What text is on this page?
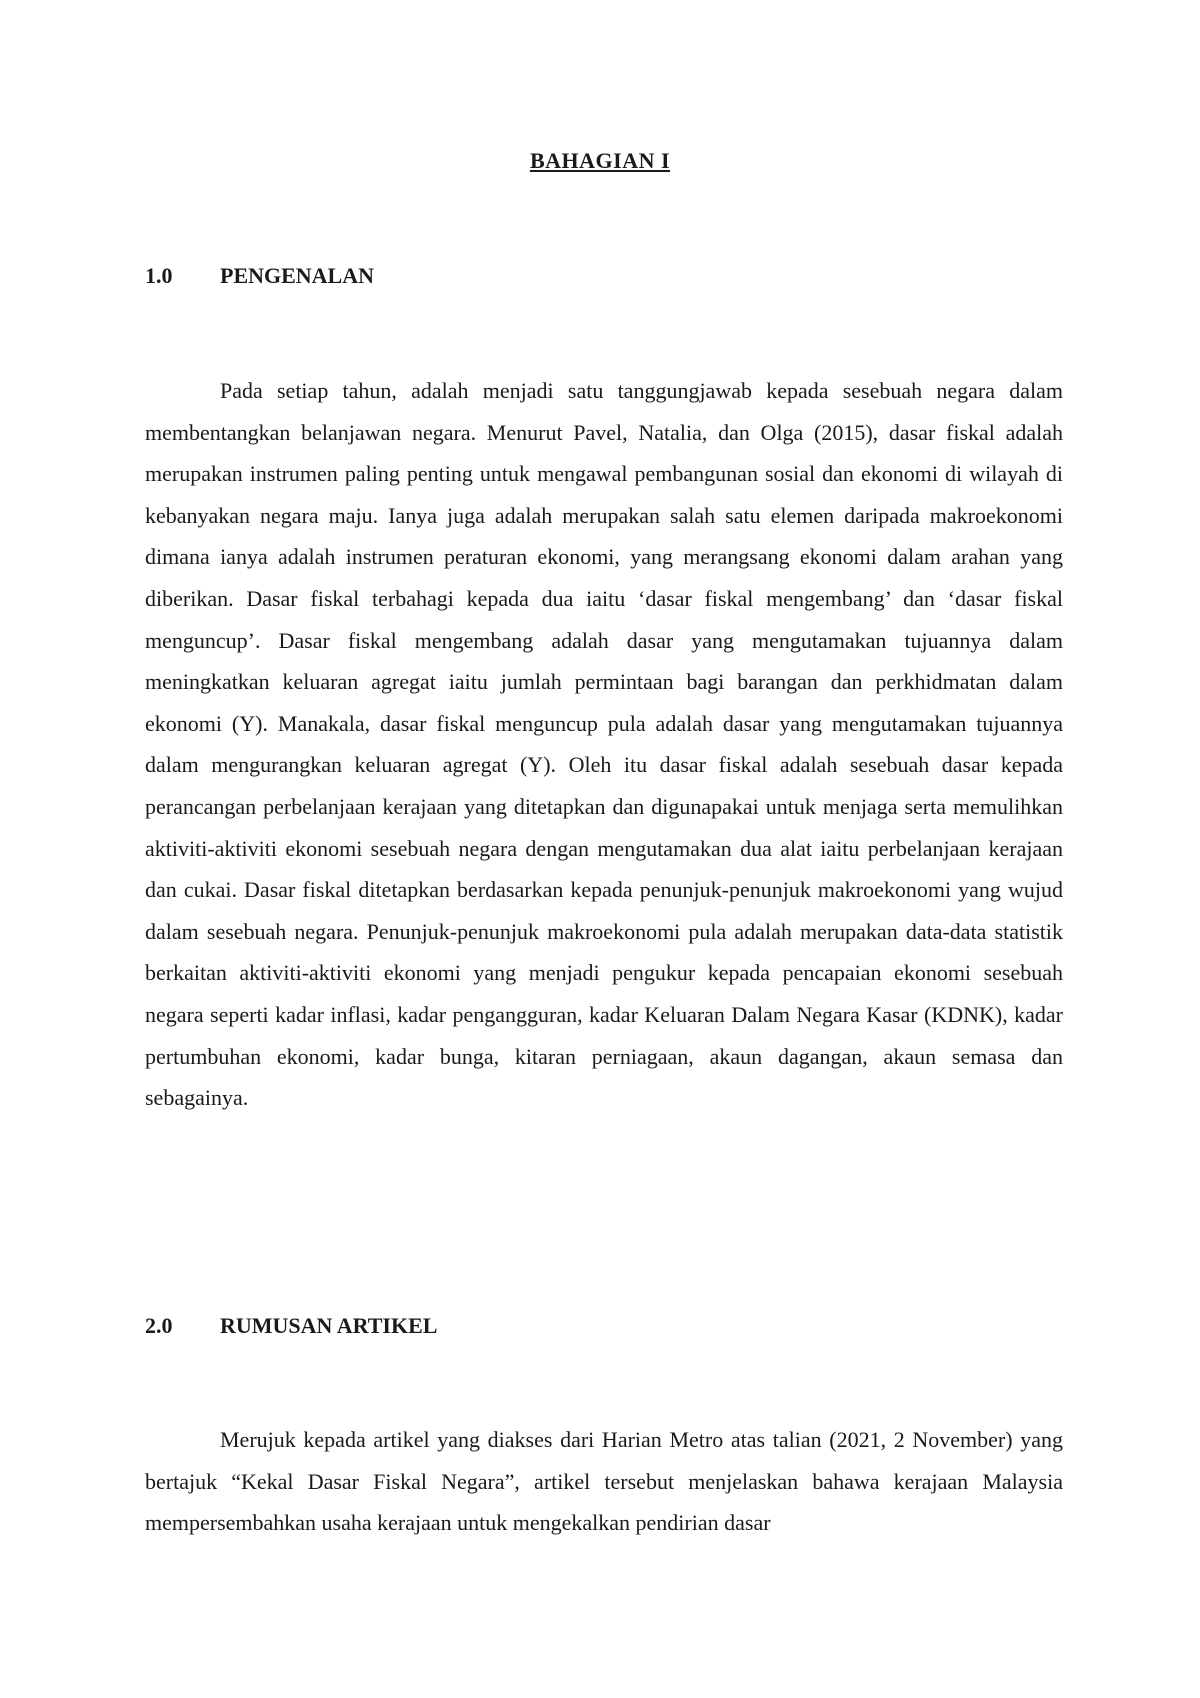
BAHAGIAN I
1.0	PENGENALAN

Pada setiap tahun, adalah menjadi satu tanggungjawab kepada sesebuah negara dalam membentangkan belanjawan negara. Menurut Pavel, Natalia, dan Olga (2015), dasar fiskal adalah merupakan instrumen paling penting untuk mengawal pembangunan sosial dan ekonomi di wilayah di kebanyakan negara maju. Ianya juga adalah merupakan salah satu elemen daripada makroekonomi dimana ianya adalah instrumen peraturan ekonomi, yang merangsang ekonomi dalam arahan yang diberikan. Dasar fiskal terbahagi kepada dua iaitu ‘dasar fiskal mengembang’ dan ‘dasar fiskal menguncup’. Dasar fiskal mengembang adalah dasar yang mengutamakan tujuannya dalam meningkatkan keluaran agregat iaitu jumlah permintaan bagi barangan dan perkhidmatan dalam ekonomi (Y). Manakala, dasar fiskal menguncup pula adalah dasar yang mengutamakan tujuannya dalam mengurangkan keluaran agregat (Y). Oleh itu dasar fiskal adalah sesebuah dasar kepada perancangan perbelanjaan kerajaan yang ditetapkan dan digunapakai untuk menjaga serta memulihkan aktiviti-aktiviti ekonomi sesebuah negara dengan mengutamakan dua alat iaitu perbelanjaan kerajaan dan cukai. Dasar fiskal ditetapkan berdasarkan kepada penunjuk-penunjuk makroekonomi yang wujud dalam sesebuah negara. Penunjuk-penunjuk makroekonomi pula adalah merupakan data-data statistik berkaitan aktiviti-aktiviti ekonomi yang menjadi pengukur kepada pencapaian ekonomi sesebuah negara seperti kadar inflasi, kadar pengangguran, kadar Keluaran Dalam Negara Kasar (KDNK), kadar pertumbuhan ekonomi, kadar bunga, kitaran perniagaan, akaun dagangan, akaun semasa dan sebagainya.

2.0	RUMUSAN ARTIKEL

Merujuk kepada artikel yang diakses dari Harian Metro atas talian (2021, 2 November) yang bertajuk “Kekal Dasar Fiskal Negara”, artikel tersebut menjelaskan bahawa kerajaan Malaysia mempersembahkan usaha kerajaan untuk mengekalkan pendirian dasar
